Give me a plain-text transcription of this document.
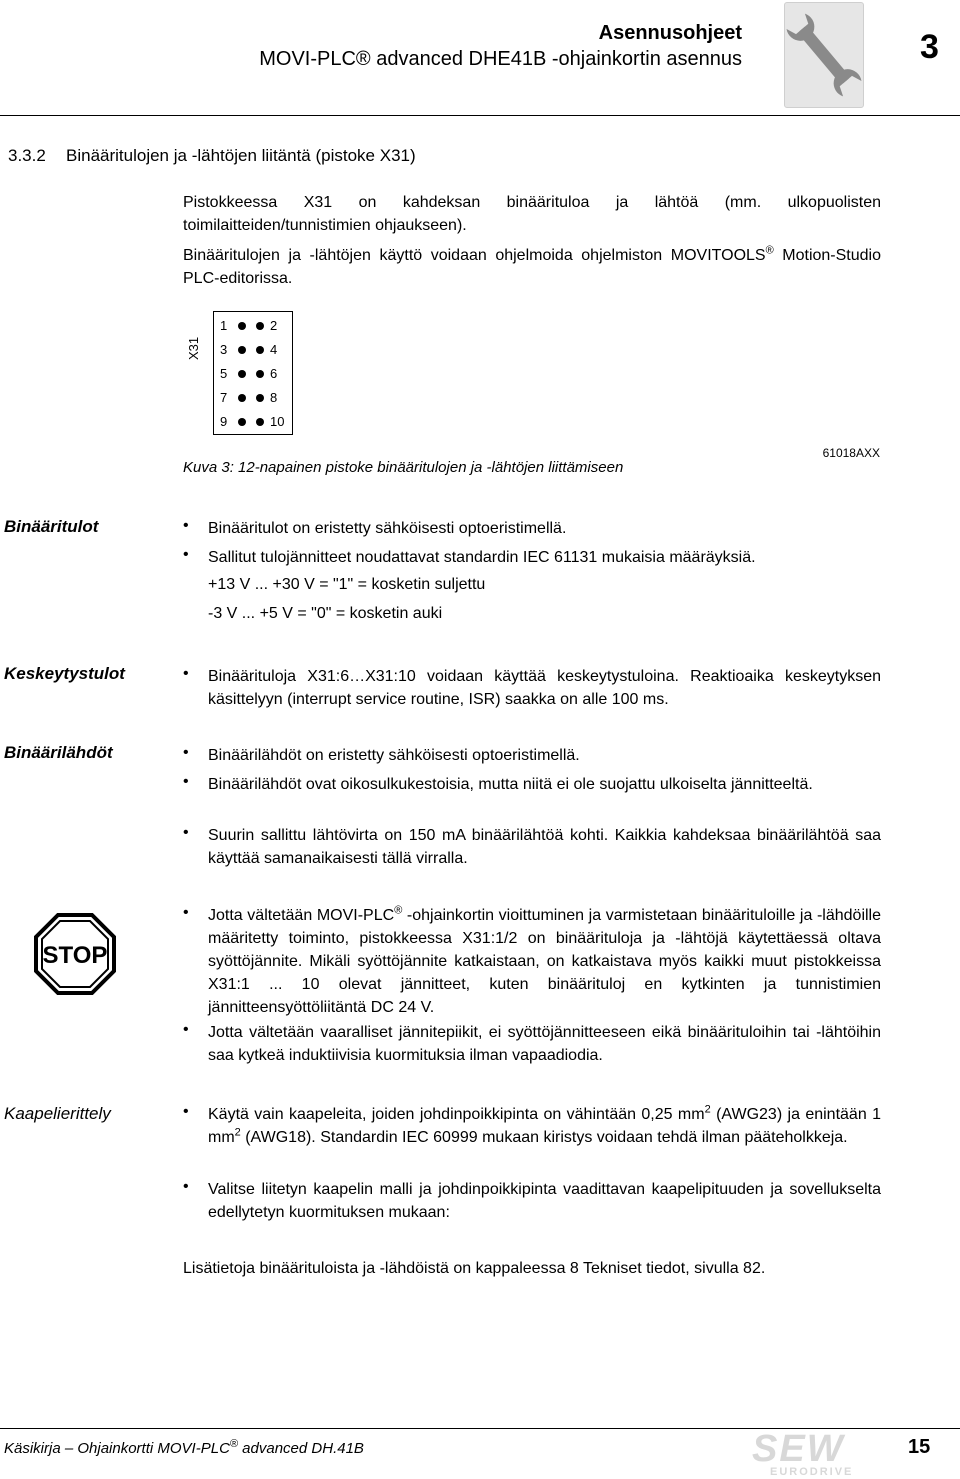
Asennusohjeet
MOVI-PLC® advanced DHE41B -ohjainkortin asennus	3
3.3.2 Binääritulojen ja -lähtöjen liitäntä (pistoke X31)
Pistokkeessa X31 on kahdeksan binäärituloa ja lähtöä (mm. ulkopuolisten toimilaitteiden/tunnistimien ohjaukseen).
Binääritulojen ja -lähtöjen käyttö voidaan ohjelmoida ohjelmiston MOVITOOLS® Motion-Studio PLC-editorissa.
X31
1
3
5
7
9
2
4
6
8
10
Kuva 3: 12-napainen pistoke binääritulojen ja -lähtöjen liittämiseen
61018AXX
Binääritulot	• Binääritulot on eristetty sähköisesti optoeristimellä.
• Sallitut tulojännitteet noudattavat standardin IEC 61131 mukaisia määräyksiä.
+13 V ... +30 V = "1" = kosketin suljettu
-3 V ... +5 V = "0" = kosketin auki
Keskeytystulot	• Binäärituloja X31:6…X31:10 voidaan käyttää keskeytystuloina. Reaktioaika keskeytyksen käsittelyyn (interrupt service routine, ISR) saakka on alle 100 ms.
Binäärilähdöt	• Binäärilähdöt on eristetty sähköisesti optoeristimellä.
• Binäärilähdöt ovat oikosulkukestoisia, mutta niitä ei ole suojattu ulkoiselta jännitteeltä.
• Suurin sallittu lähtövirta on 150 mA binäärilähtöä kohti. Kaikkia kahdeksaa binäärilähtöä saa käyttää samanaikaisesti tällä virralla.
STOP
• Jotta vältetään MOVI-PLC® -ohjainkortin vioittuminen ja varmistetaan binäärituloille ja -lähdöille määritetty toiminto, pistokkeessa X31:1/2 on binäärituloja ja -lähtöjä käytettäessä oltava syöttöjännite. Mikäli syöttöjännite katkaistaan, on katkaistava myös kaikki muut pistokkeissa X31:1 ... 10 olevat jännitteet, kuten binäärituloj en kytkinten ja tunnistimien jännitteensyöttöliitäntä DC 24 V.
• Jotta vältetään vaaralliset jännitepiikit, ei syöttöjännitteeseen eikä binäärituloihin tai -lähtöihin saa kytkeä induktiivisia kuormituksia ilman vapaadiodia.
Kaapelierittely	• Käytä vain kaapeleita, joiden johdinpoikkipinta on vähintään 0,25 $mm^2$ (AWG23) ja enintään 1 $mm^2$ (AWG18). Standardin IEC 60999 mukaan kiristys voidaan tehdä ilman pääteholkkeja.
• Valitse liitetyn kaapelin malli ja johdinpoikkipinta vaadittavan kaapelipituuden ja sovellukselta edellytetyn kuormituksen mukaan:
Lisätietoja binäärituloista ja -lähdöistä on kappaleessa 8 Tekniset tiedot, sivulla 82.
Käsikirja – Ohjainkortti MOVI-PLC® advanced DH.41B	SEW
EURODRIVE
15
